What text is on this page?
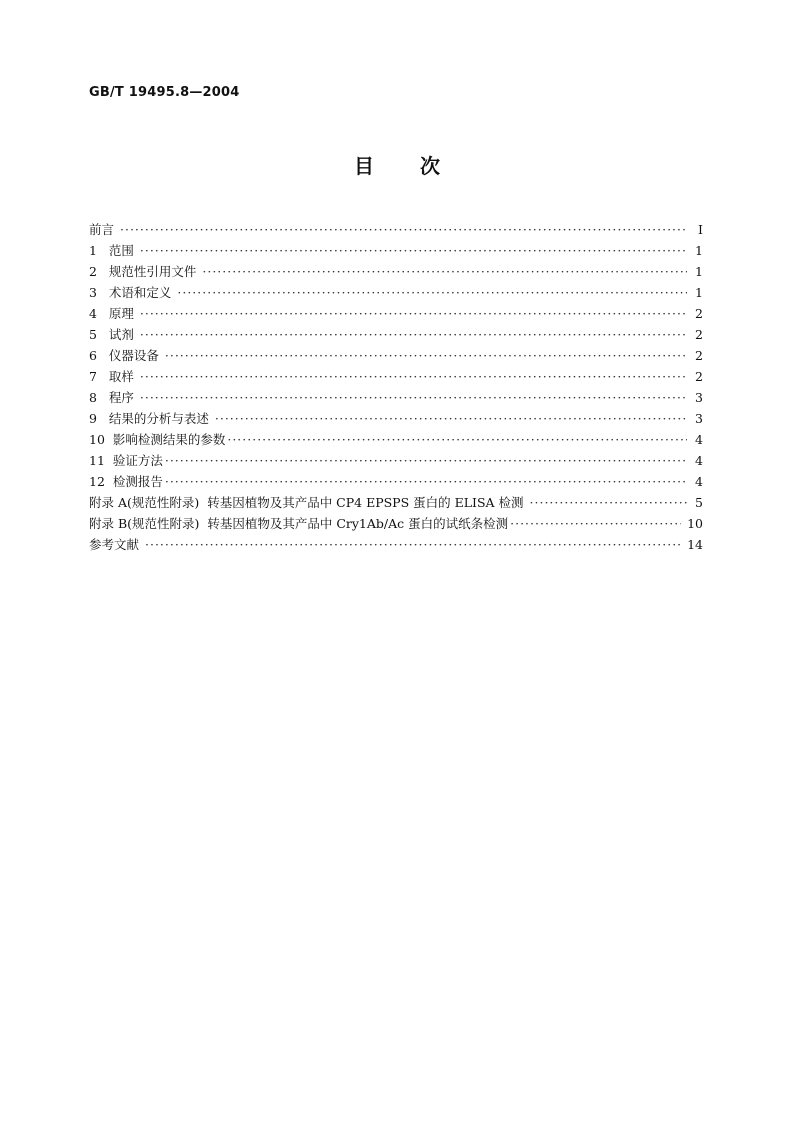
GB/T 19495.8—2004
目 次
前言 ·····	I
1   范围 ·····	1
2   规范性引用文件 ·····	1
3   术语和定义 ·····	1
4   原理 ·····	2
5   试剂 ·····	2
6   仪器设备 ·····	2
7   取样 ·····	2
8   程序 ·····	3
9   结果的分析与表述 ·····	3
10  影响检测结果的参数 ·····	4
11  验证方法 ·····	4
12  检测报告 ·····	4
附录 A(规范性附录)  转基因植物及其产品中 CP4 EPSPS 蛋白的 ELISA 检测 ·····	5
附录 B(规范性附录)  转基因植物及其产品中 Cry1Ab/Ac 蛋白的试纸条检测 ·····	10
参考文献 ·····	14
